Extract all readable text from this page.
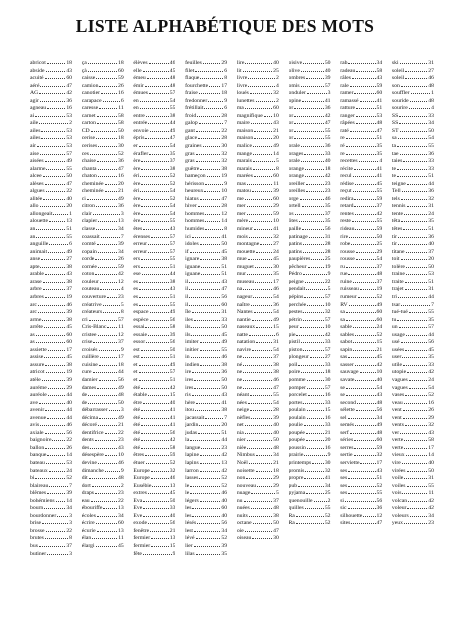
LISTE ALPHABÉTIQUE DES MOTS
abricot	18
abside	43
acuité	60
aéré	47
AG	42
agir	36
agneau	16
ai	53
aile	2
ailes	53
ailes	53
air	53
aise	57
aisées	49
alarme	55
alcee	50
alèses	47
algues	22
alitée	40
allo	20
allongeait	1
alouette	13
an	51
an	55
anguille	6
animait	49
anse	27
apte	38
arable	43
arase	38
arbre	37
arbres	19
arc	46
arc	39
arme	38
arrête	45
as	60
as	60
assiette	17
assise	45
assure	38
atricot	19
atèle	39
auréme	29
auréole	44
ave	40
avenir	44
avenue	44
avis	46
axiale	56
baignoire	22
ballon	26
banque	14
bateau	53
bateaux	24
bi	52
blaireau	7
blêmes	39
bohémiens 14
bourn	34
bourdonner 3
brise	3
brosse	22
brutes	8
bus	37
butiner	3
ça	18
çà	60
caisse	59
camion	26
canotier	16
carapace	6
caresse	11
carnet	58
carton	58
CD	50
cerise	18
cerises	30
ces	52
chaise	36
chanta	47
chaton	16
cheminée	20
cheminée	21
ci	49
citron	36
clair	3
clapier	13
classe	34
coassait	7
comté	39
copain	34
corde	26
cornée	59
coton	42
couleur	12
couteau	4
couverture 23
créatrive	5
créateurs	8
cri	57
Cris-Blanc 11
cristee	12
crise	37
croisés	9
cuillère	17
cuisine	18
cure	44
damier	56
dames	49
de	48
de	50
débarrasser 3
décima	49
décoré	21
dentifrice	22
dents	23
des	43
désespère 10
devine	46
dimanche	9
dit	48
dort	2
draps	23
eau	22
ébouriffe	13
écoles	34
écrire	60
écurie	13
élan	11
élargi	45
élèves	46
elle	45
émeu	48
émir	48
émues	57
en	54
en	55
entre	38
entrée	44
envoie	49
épris	47
er	54
érafler	35
ère	37
ère	38
éri	52
ère	52
éri	54
ère	52
ère	54
ère	54
ère	55
êtes	43
érenses	57
erreur	57
erreur	57
ers	55
ers	51
ese	44
es	38
es	43
es	51
es	55
espace	49
espèce	56
essai	58
essaie	39
essor	56
est	50
est	51
et	49
et	57
et	51
été	42
étable	15
étre	40
été	41
été	41
été	41
été	56
été	42
été	58
êtres	59
étuer	52
Europe	32
Europe	46
Eusébie	13
extres	45
Eva	50
Eve	33
Eve	40
exode	56
fenêtre	21
fermier	13
fermier	15
fête	9
feuilles	29
filet	6
flaque	8
fourchette 17
fraise	18
fredonner	9
frétillait	6
froid	28
galop	7
gant	22
glace	28
graines	30
gras	32
gras	32
guêtre	38
hameçon	19
hérisson	9
heureux	10
hiatus	47
hiver	28
hommes	12
hommes	14
humides	8
ici	41
idoles	50
if	45
ignare	38
iguane	51
iguane	51
il	43
il	47
il	56
il	60
île	31
iles	33
ils	50
ils	45
imiter	49
initier	55
in	46
indien	38
ire	36
ires	50
ires	50
ris	43
hère	41
itou	38
jacassait	7
jardin	20
judas	51
la	44
langue	23
lapine	42
lapins	13
larron	42
lasses	52
le	52
le	46
légers	40
les	60
les	40
lésés	56
lest	34
lévé	52
lier	39
lilas	35
lire	40
lit	25
livre	2
livre	4
loués	32
lunettes	2
ma	60
magnifique 10
maire	43
maison	21
maison	20
malice	49
mange	14
marais	5
marais	8
marées	60
mas	11
matou	39
me	60
mer	29
mer	59
mère	10
mineur	41
mois	32
montagne 27
mouette	24
mue	45
muguet	30
mur	35
museau	17
na	46
nageur	54
naître	36
Nantes	54
nantie	49
naseaux	15
natte	6
natation	31
navire	54
ne	37
né	38
ne	38
ne	46
ne	47
néant	55
nées	54
neige	28
nèfles	39
net	40
nia	40
nier	50
nièe	48
Nimbus	34
Noël	21
noisette	18
non	29
nouveau	29
nuage	5
nu	37
nuées	48
nuits	38
octane	50
oie	47
oiseau	30
oisive	50
olive	40
ombres	39
omis	57
onduler	3
opine	41
or	36
or	42
or	47
or	55
or	55
orale	36
orages	33
orale	40
orange	18
orange	42
oreiller	23
oreilles	23
orge	46
ortell	35
os	37
ôtes	35
paille	56
patinage	31
patins	28
patins	28
paupières	25
pêcheur	19
Pédro	9
peigne	22
pendait	5
pépins	57
perchée	10
pestes	32
pétrin	57
peur	10
pie	42
pistil	33
piston	57
plongeur	27
poil	33
poire	18
pomme	30
pomper	57
porcelet	16
portes	33
poulain	15
poulain	16
poulie	33
poupée	21
poupée	20
poussin	16
prairie	9
printemps 30
promis	32
propre	41
pub	34
pyjama	25
quenouille	2
quilles	55
Ra	52
Ra	52
rab	34
radeau	58
râles	43
rale	59
ramer	60
ramassé	41
ratture	51
ranger	53
râpées	48
raté	47
re	51
ré	35
re	35
recettes	4
récite	41
recul	41
rédise	45
reçut	55
redira	59
retard	37
rentes	42
reste	55
rideau	59
rire	50
robe	25
rousse	29
rousse	54
ru	37
rue	48
ruine	37
ruisseau	19
rumeur	52
RV	49
sa	60
sa	60
sable	24
sables	52
sabot	15
sapin	21
sas	45
sasser	42
sauvage	10
savate	40
se	54
se	43
second	48
sélette	56
sel	34
semés	49
serf	48
séries	60
serres	59
sertie	32
serviette	17
ses	43
ses	51
ses	52
ses	55
si	56
sic	36
silhouette 12
sites	47
ski	31
soleil	27
soleil	46
son	48
souffler	1
souride	48
sourire	4
SS	33
SS	34
ST	50
sa	54
ta	55
tae	36
taies	33
te	33
te	51
teigne	44
Tell	36
tels	32
tennis	31
tente	24
têta	35
têtes	51
tir	36
tir	40
titane	37
toit	20
tolère	50
traine	53
traite	51
trajet	31
tri	44
tsar	7
tué-tué	55
tu	35
un	57
usage	44
usé	56
usées	45
user	35
utile	33
utopie	42
vagues	24
vagues	54
vases	52
veau	16
vent	26
vent	29
vents	32
ver	43
verte	58
verte	17
vieux	14
vire	40
virées	50
voile	31
voiles	55
vois	11
volcan	42
voleur	42
voleurs	34
yeux	23
